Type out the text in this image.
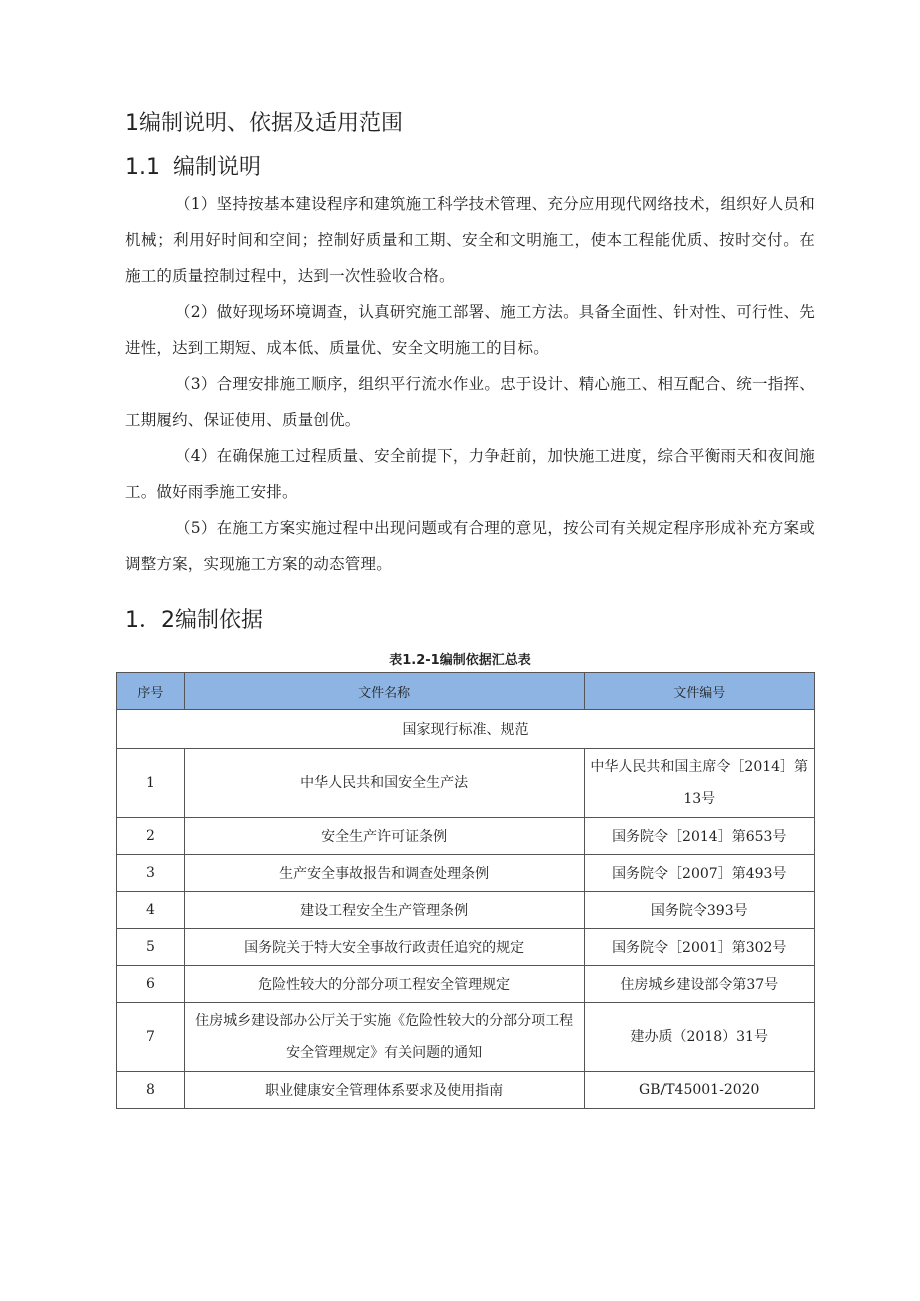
1编制说明、依据及适用范围
1.1 编制说明
（1）坚持按基本建设程序和建筑施工科学技术管理、充分应用现代网络技术，组织好人员和机械；利用好时间和空间；控制好质量和工期、安全和文明施工，使本工程能优质、按时交付。在施工的质量控制过程中，达到一次性验收合格。
（2）做好现场环境调查，认真研究施工部署、施工方法。具备全面性、针对性、可行性、先进性，达到工期短、成本低、质量优、安全文明施工的目标。
（3）合理安排施工顺序，组织平行流水作业。忠于设计、精心施工、相互配合、统一指挥、工期履约、保证使用、质量创优。
（4）在确保施工过程质量、安全前提下，力争赶前，加快施工进度，综合平衡雨天和夜间施工。做好雨季施工安排。
（5）在施工方案实施过程中出现问题或有合理的意见，按公司有关规定程序形成补充方案或调整方案，实现施工方案的动态管理。
1．2编制依据
表1.2-1编制依据汇总表
序号	文件名称	文件编号
国家现行标准、规范		
1	中华人民共和国安全生产法	中华人民共和国主席令［2014］第13号
2	安全生产许可证条例	国务院令［2014］第653号
3	生产安全事故报告和调查处理条例	国务院令［2007］第493号
4	建设工程安全生产管理条例	国务院令393号
5	国务院关于特大安全事故行政责任追究的规定	国务院令［2001］第302号
6	危险性较大的分部分项工程安全管理规定	住房城乡建设部令第37号
7	住房城乡建设部办公厅关于实施《危险性较大的分部分项工程安全管理规定》有关问题的通知	建办质（2018）31号
8	职业健康安全管理体系要求及使用指南	GB/T45001-2020
